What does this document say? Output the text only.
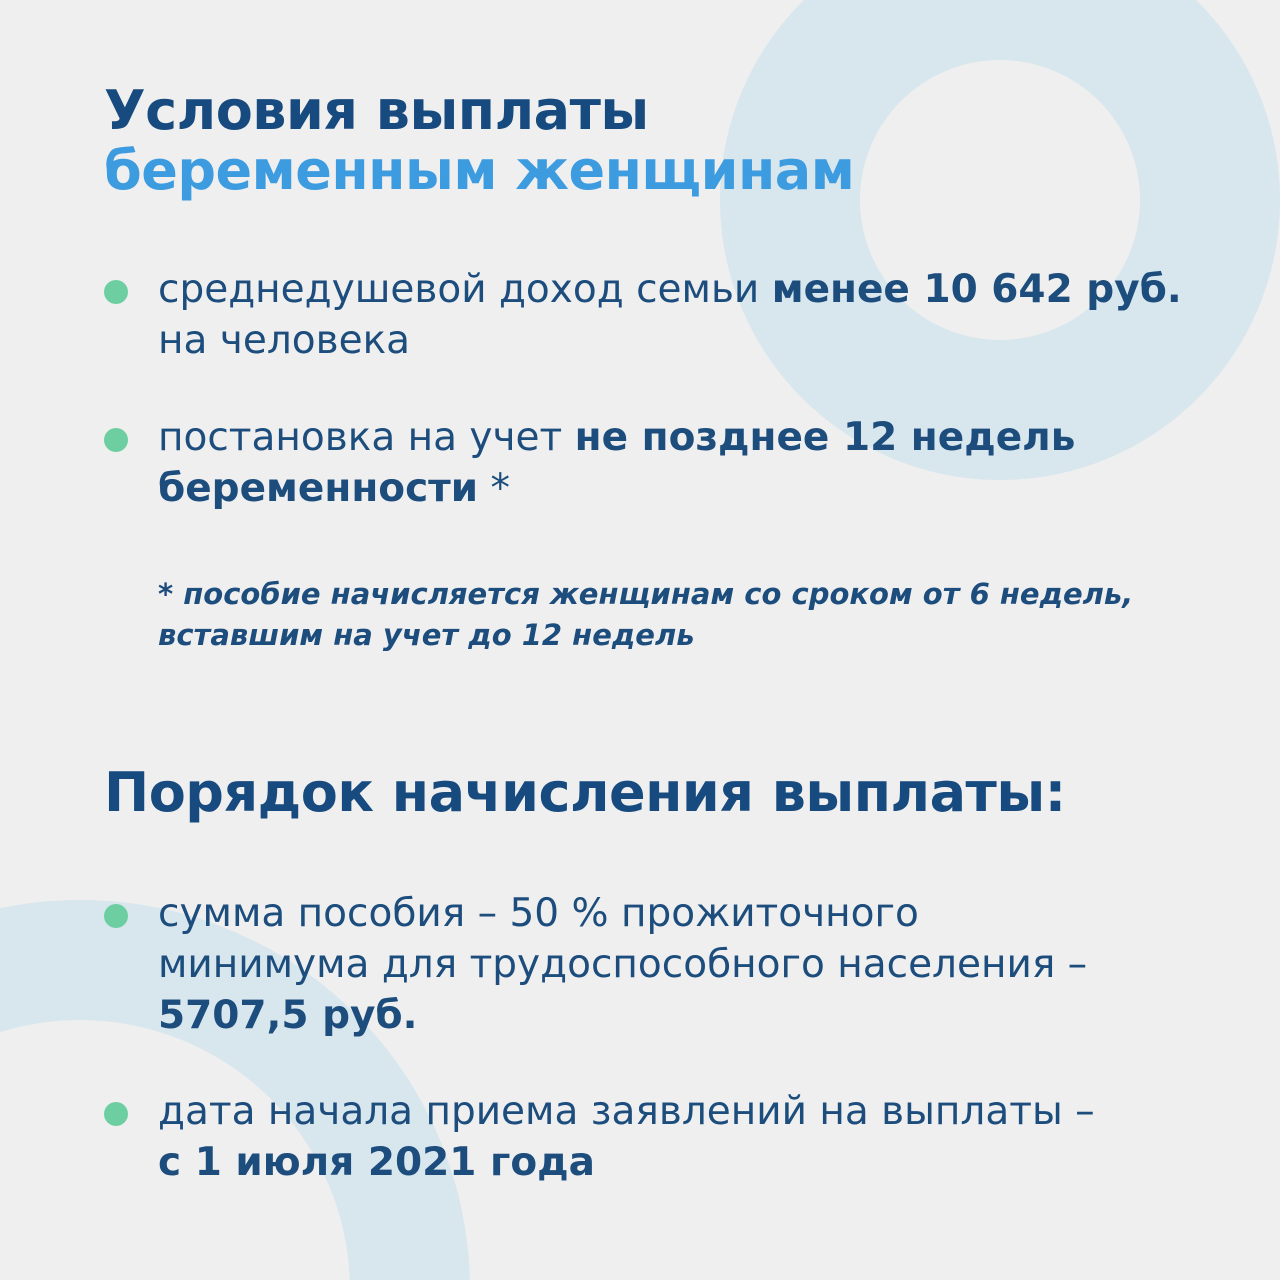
Условия выплаты
беременным женщинам
среднедушевой доход семьи менее 10 642 руб.
на человека
постановка на учет не позднее 12 недель
беременности *
* пособие начисляется женщинам со сроком от 6 недель,
вставшим на учет до 12 недель
Порядок начисления выплаты:
сумма пособия – 50 % прожиточного
минимума для трудоспособного населения –
5707,5 руб.
дата начала приема заявлений на выплаты –
с 1 июля 2021 года
